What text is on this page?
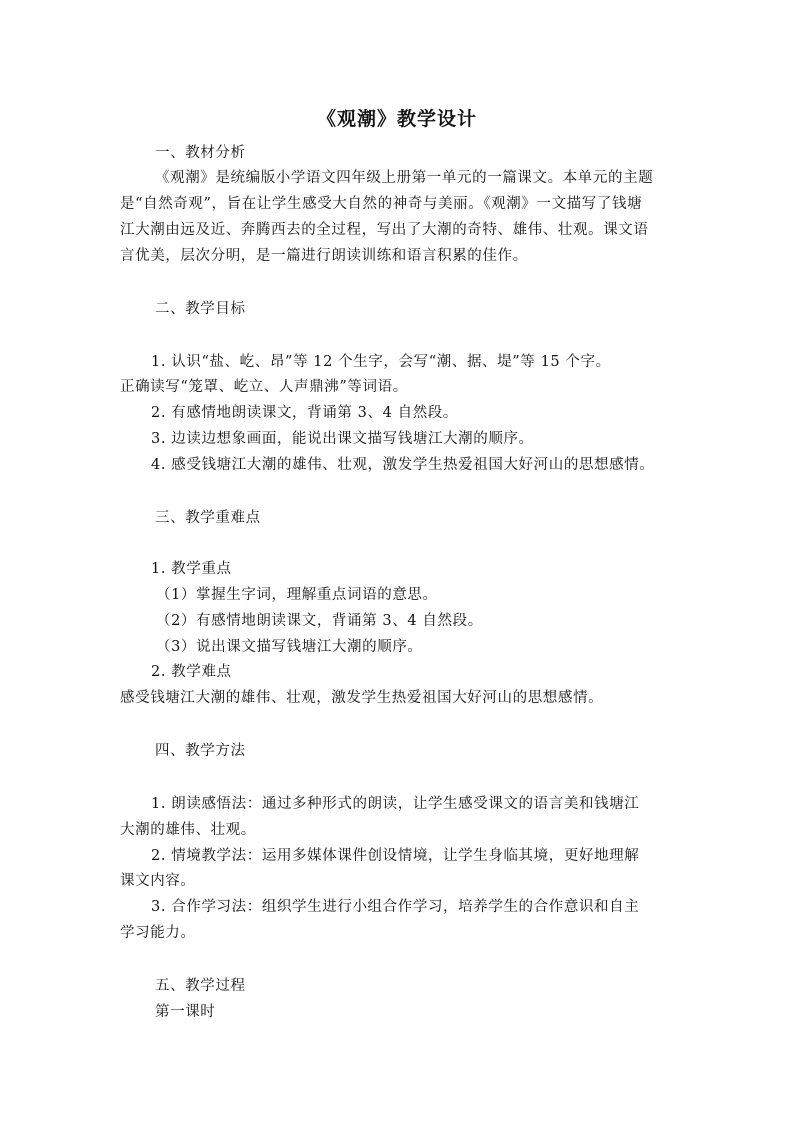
《观潮》教学设计
一、教材分析
《观潮》是统编版小学语文四年级上册第一单元的一篇课文。本单元的主题
是“自然奇观”，旨在让学生感受大自然的神奇与美丽。《观潮》一文描写了钱塘
江大潮由远及近、奔腾西去的全过程，写出了大潮的奇特、雄伟、壮观。课文语
言优美，层次分明，是一篇进行朗读训练和语言积累的佳作。
二、教学目标
1. 认识“盐、屹、昂”等 12 个生字，会写“潮、据、堤”等 15 个字。
正确读写“笼罩、屹立、人声鼎沸”等词语。
2. 有感情地朗读课文，背诵第 3、4 自然段。
3. 边读边想象画面，能说出课文描写钱塘江大潮的顺序。
4. 感受钱塘江大潮的雄伟、壮观，激发学生热爱祖国大好河山的思想感情。
三、教学重难点
1. 教学重点
（1）掌握生字词，理解重点词语的意思。
（2）有感情地朗读课文，背诵第 3、4 自然段。
（3）说出课文描写钱塘江大潮的顺序。
2. 教学难点
感受钱塘江大潮的雄伟、壮观，激发学生热爱祖国大好河山的思想感情。
四、教学方法
1. 朗读感悟法：通过多种形式的朗读，让学生感受课文的语言美和钱塘江
大潮的雄伟、壮观。
2. 情境教学法：运用多媒体课件创设情境，让学生身临其境，更好地理解
课文内容。
3. 合作学习法：组织学生进行小组合作学习，培养学生的合作意识和自主
学习能力。
五、教学过程
第一课时
